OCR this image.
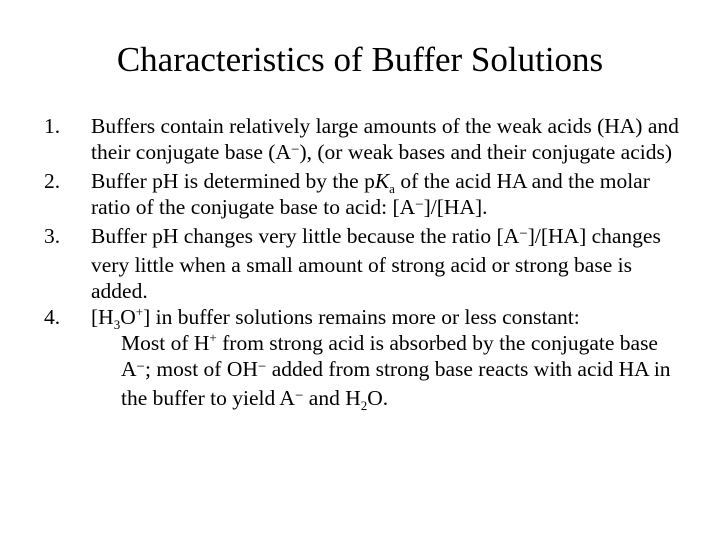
Characteristics of Buffer Solutions
1. Buffers contain relatively large amounts of the weak acids (HA) and their conjugate base (A−), (or weak bases and their conjugate acids)
2. Buffer pH is determined by the $pK_a$ of the acid HA and the molar ratio of the conjugate base to acid: [A−]/[HA].
3. Buffer pH changes very little because the ratio [A−]/[HA] changes very little when a small amount of strong acid or strong base is added.
4. $[H_3O^+]$ in buffer solutions remains more or less constant:
Most of H+ from strong acid is absorbed by the conjugate base A−; most of OH− added from strong base reacts with acid HA in the buffer to yield A− and $H_2O$.
